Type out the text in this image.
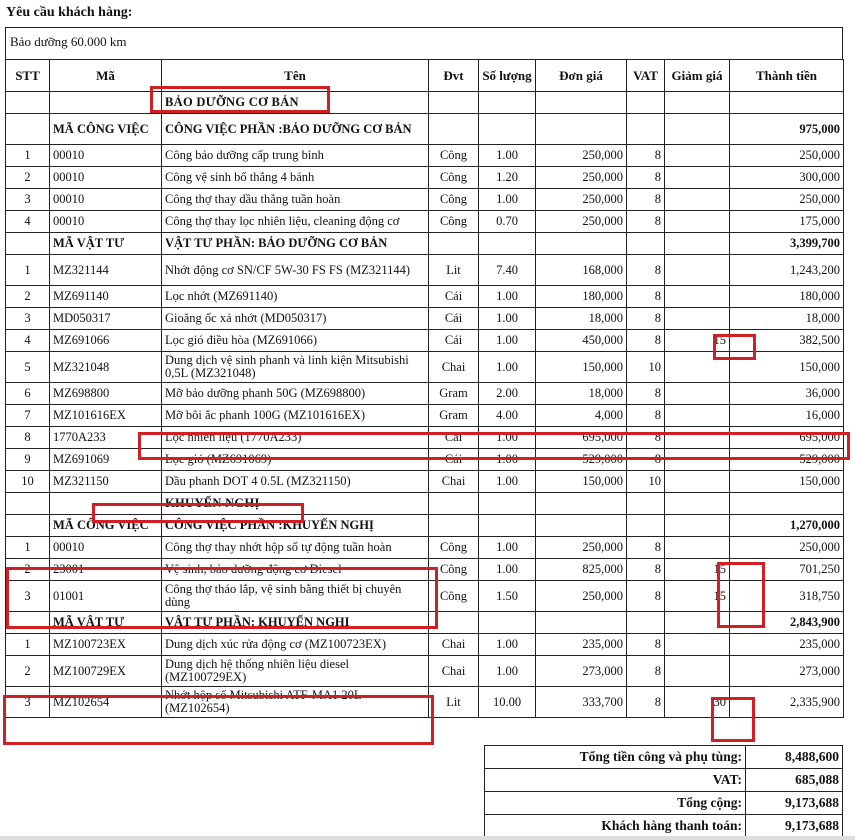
Yêu cầu khách hàng:
Bảo dưỡng 60.000 km
STT	Mã	Tên	Đvt	Số lượng	Đơn giá	VAT	Giảm giá	Thành tiền
		BẢO DƯỠNG CƠ BẢN						
	MÃ CÔNG VIỆC	CÔNG VIỆC PHẦN :BẢO DƯỠNG CƠ BẢN						975,000
1	00010	Công bảo dưỡng cấp trung bình	Công	1.00	250,000	8		250,000
2	00010	Công vệ sinh bố thắng 4 bánh	Công	1.20	250,000	8		300,000
3	00010	Công thợ thay dầu thắng tuần hoàn	Công	1.00	250,000	8		250,000
4	00010	Công thợ thay lọc nhiên liệu, cleaning động cơ	Công	0.70	250,000	8		175,000
	MÃ VẬT TƯ	VẬT TƯ PHẦN: BẢO DƯỠNG CƠ BẢN						3,399,700
1	MZ321144	Nhớt động cơ SN/CF 5W-30 FS FS (MZ321144)	Lit	7.40	168,000	8		1,243,200
2	MZ691140	Lọc nhớt (MZ691140)	Cái	1.00	180,000	8		180,000
3	MD050317	Gioăng ốc xả nhớt (MD050317)	Cái	1.00	18,000	8		18,000
4	MZ691066	Lọc gió điều hòa (MZ691066)	Cái	1.00	450,000	8	15	382,500
5	MZ321048	Dung dịch vệ sinh phanh và linh kiện Mitsubishi 0,5L (MZ321048)	Chai	1.00	150,000	10		150,000
6	MZ698800	Mỡ bảo dưỡng phanh 50G (MZ698800)	Gram	2.00	18,000	8		36,000
7	MZ101616EX	Mỡ bôi ắc phanh 100G (MZ101616EX)	Gram	4.00	4,000	8		16,000
8	1770A233	Lọc nhiên liệu (1770A233)	Cái	1.00	695,000	8		695,000
9	MZ691069	Lọc gió (MZ691069)	Cái	1.00	529,000	8		529,000
10	MZ321150	Dầu phanh DOT 4 0.5L (MZ321150)	Chai	1.00	150,000	10		150,000
		KHUYẾN NGHỊ						
	MÃ CÔNG VIỆC	CÔNG VIỆC PHẦN :KHUYẾN NGHỊ						1,270,000
1	00010	Công thợ thay nhớt hộp số tự động tuần hoàn	Công	1.00	250,000	8		250,000
2	23001	Vệ sinh, bảo dưỡng động cơ Diesel	Công	1.00	825,000	8	15	701,250
3	01001	Công thợ tháo lắp, vệ sinh bằng thiết bị chuyên dùng	Công	1.50	250,000	8	15	318,750
	MÃ VẬT TƯ	VẬT TƯ PHẦN: KHUYẾN NGHỊ						2,843,900
1	MZ100723EX	Dung dịch xúc rửa động cơ (MZ100723EX)	Chai	1.00	235,000	8		235,000
2	MZ100729EX	Dung dịch hệ thống nhiên liệu diesel (MZ100729EX)	Chai	1.00	273,000	8		273,000
3	MZ102654	Nhớt hộp số Mitsubishi ATF-MA1 20L (MZ102654)	Lit	10.00	333,700	8	30	2,335,900
Tổng tiền công và phụ tùng:	8,488,600
VAT:	685,088
Tổng cộng:	9,173,688
Khách hàng thanh toán:	9,173,688
